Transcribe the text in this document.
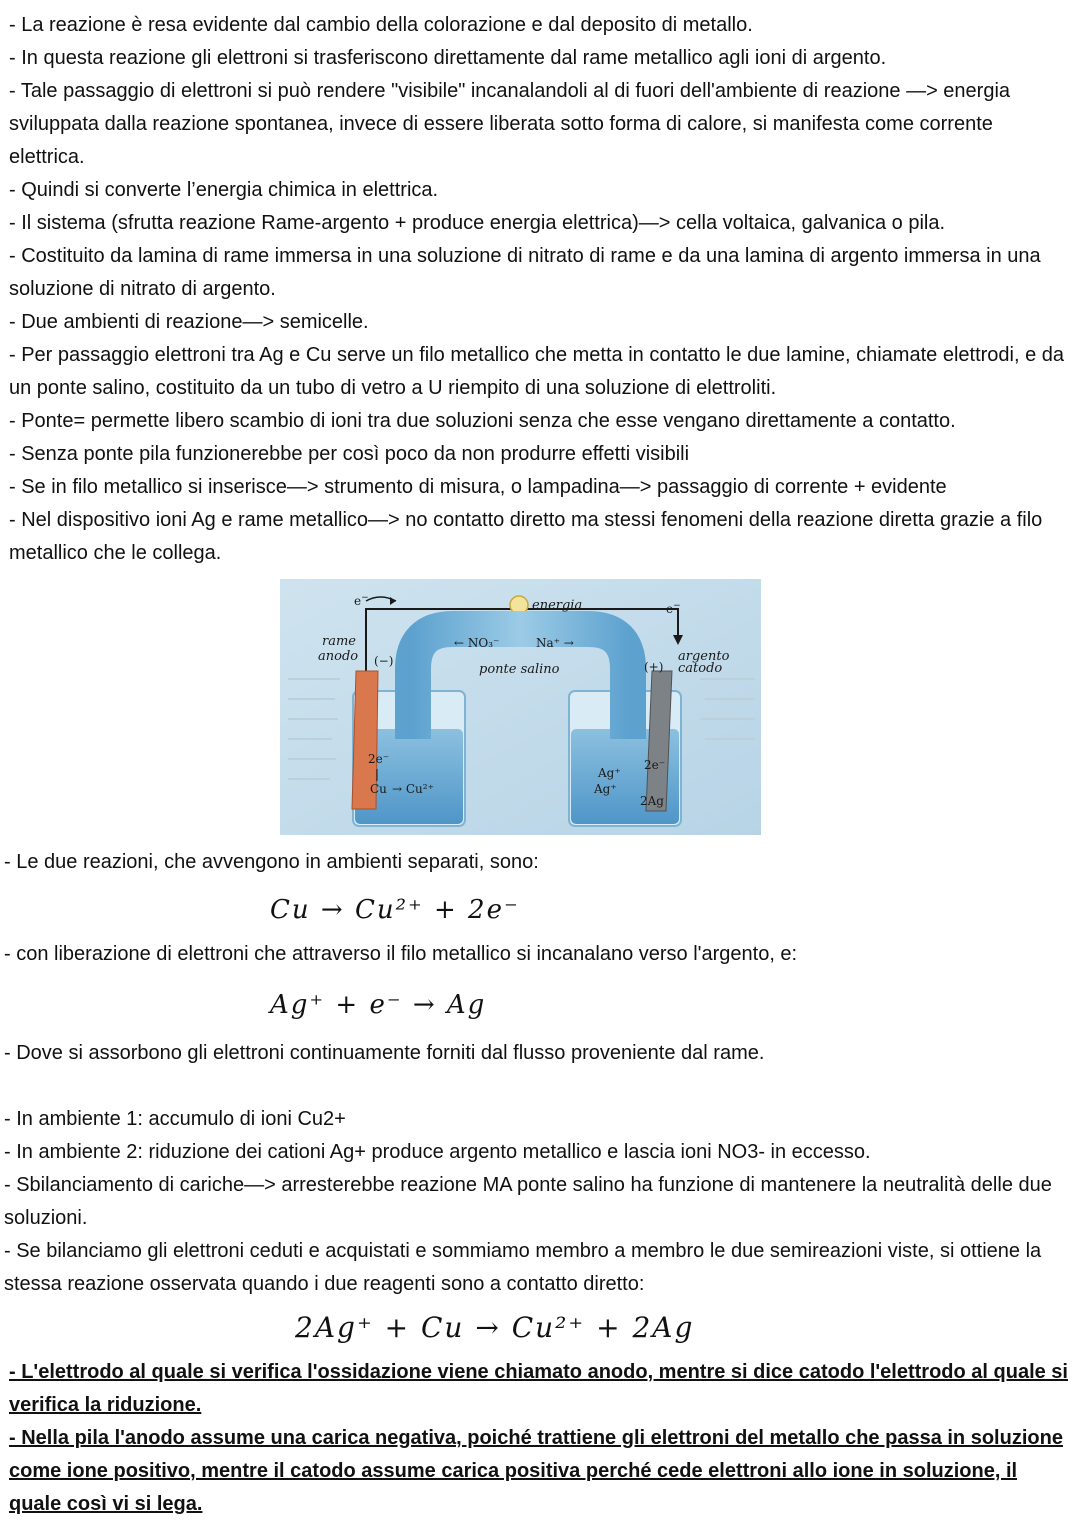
- La reazione è resa evidente dal cambio della colorazione e dal deposito di metallo.

- In questa reazione gli elettroni si trasferiscono direttamente dal rame metallico agli ioni di argento.

- Tale passaggio di elettroni si può rendere "visibile" incanalandoli al di fuori dell'ambiente di reazione —> energia sviluppata dalla reazione spontanea, invece di essere liberata sotto forma di calore, si manifesta come corrente elettrica.

- Quindi si converte l’energia chimica in elettrica.

- Il sistema (sfrutta reazione Rame-argento + produce energia elettrica)—> cella voltaica, galvanica o pila.

- Costituito da lamina di rame immersa in una soluzione di nitrato di rame e da una lamina di argento immersa in una soluzione di nitrato di argento.

- Due ambienti di reazione—> semicelle.

- Per passaggio elettroni tra Ag e Cu serve un filo metallico che metta in contatto le due lamine, chiamate elettrodi, e da un ponte salino, costituito da un tubo di vetro a U riempito di una soluzione di elettroliti.

- Ponte= permette libero scambio di ioni tra due soluzioni senza che esse vengano direttamente a contatto.

- Senza ponte pila funzionerebbe per così poco da non produrre effetti visibili

- Se in filo metallico si inserisce—> strumento di misura, o lampadina—> passaggio di corrente + evidente

- Nel dispositivo ioni Ag e rame metallico—> no contatto diretto ma stessi fenomeni della reazione diretta grazie a filo metallico che le collega.

e−
e−
energia
rame
anodo (−)	argento
catodo
(+)
← NO₃⁻	Na⁺ →
ponte salino
2e⁻
Cu → Cu²⁺
Ag⁺
Ag⁺
2e⁻
2Ag

- Le due reazioni, che avvengono in ambienti separati, sono:

Cu → Cu²⁺ + 2e⁻

- con liberazione di elettroni che attraverso il filo metallico si incanalano verso l'argento, e:

Ag⁺ + e⁻ → Ag

- Dove si assorbono gli elettroni continuamente forniti dal flusso proveniente dal rame.

- In ambiente 1: accumulo di ioni Cu2+

- In ambiente 2: riduzione dei cationi Ag+ produce argento metallico e lascia ioni NO3- in eccesso.

- Sbilanciamento di cariche—> arresterebbe reazione MA ponte salino ha funzione di mantenere la neutralità delle due soluzioni.

- Se bilanciamo gli elettroni ceduti e acquistati e sommiamo membro a membro le due semireazioni viste, si ottiene la stessa reazione osservata quando i due reagenti sono a contatto diretto:

2Ag⁺ + Cu → Cu²⁺ + 2Ag

- L'elettrodo al quale si verifica l'ossidazione viene chiamato anodo, mentre si dice catodo l'elettrodo al quale si verifica la riduzione.

- Nella pila l'anodo assume una carica negativa, poiché trattiene gli elettroni del metallo che passa in soluzione come ione positivo, mentre il catodo assume carica positiva perché cede elettroni allo ione in soluzione, il quale così vi si lega.
